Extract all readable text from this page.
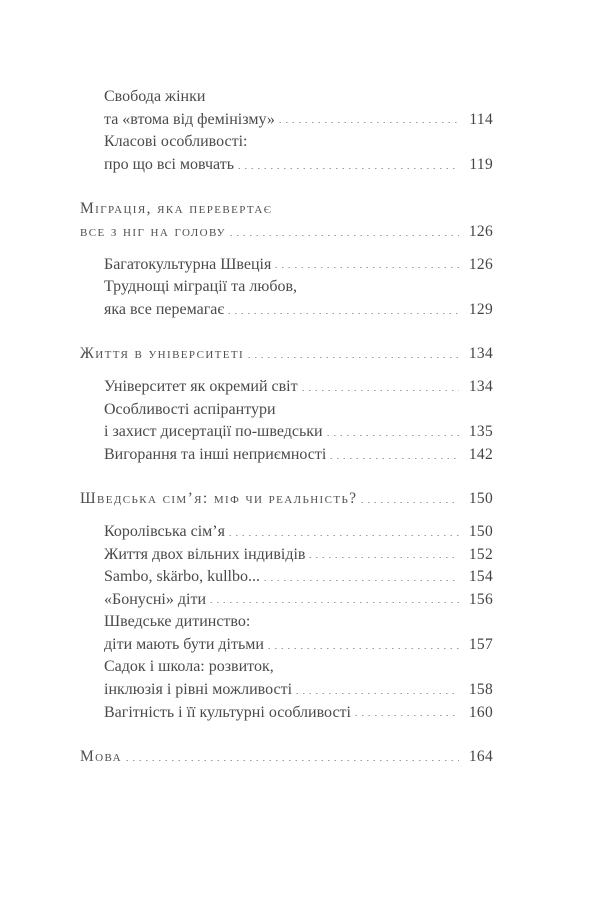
Свобода жінки
та «втома від фемінізму»	114
Класові особливості:
про що всі мовчать	119
Міграція, яка перевертає
все з ніг на голову	126
Багатокультурна Швеція	126
Труднощі міграції та любов,
яка все перемагає	129
Життя в університеті	134
Університет як окремий світ	134
Особливості аспірантури
і захист дисертації по-шведськи	135
Вигорання та інші неприємності	142
Шведська сім’я: міф чи реальність?	150
Королівська сім’я	150
Життя двох вільних індивідів	152
Sambo, skärbo, kullbo...	154
«Бонусні» діти	156
Шведське дитинство:
діти мають бути дітьми	157
Садок і школа: розвиток,
інклюзія і рівні можливості	158
Вагітність і її культурні особливості	160
Мова	164
